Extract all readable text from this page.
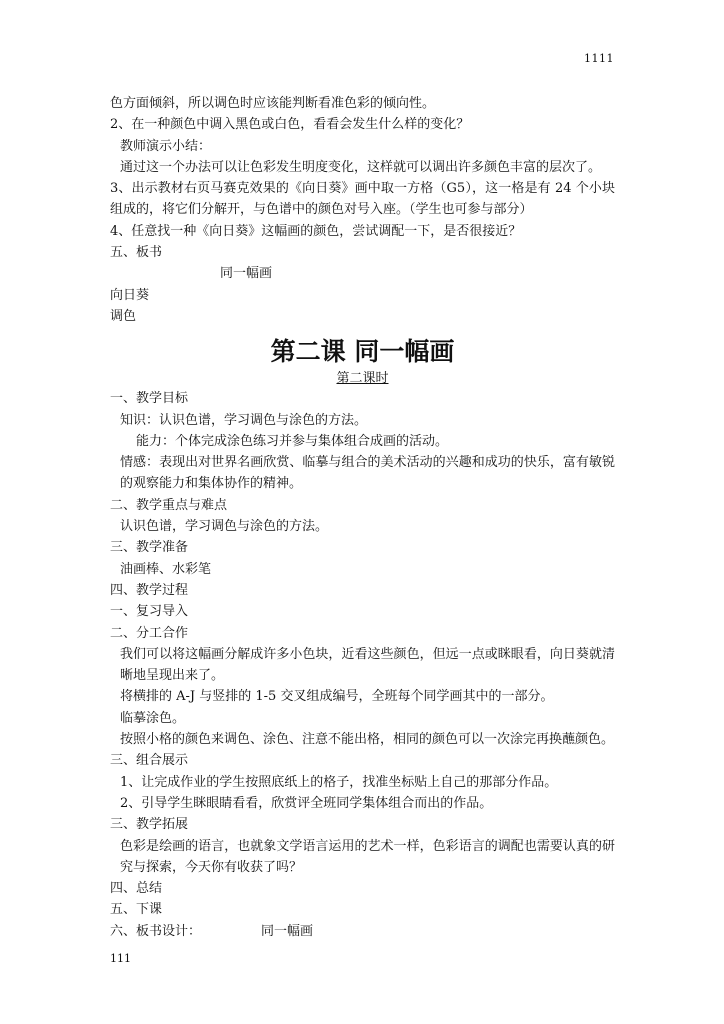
1111
色方面倾斜，所以调色时应该能判断看准色彩的倾向性。
2、在一种颜色中调入黑色或白色，看看会发生什么样的变化？
教师演示小结：
通过这一个办法可以让色彩发生明度变化，这样就可以调出许多颜色丰富的层次了。
3、出示教材右页马赛克效果的《向日葵》画中取一方格（G5），这一格是有 24 个小块组成的，将它们分解开，与色谱中的颜色对号入座。（学生也可参与部分）
4、任意找一种《向日葵》这幅画的颜色，尝试调配一下，是否很接近？
五、板书
同一幅画
向日葵
调色
第二课 同一幅画
第二课时
一、教学目标
知识：认识色谱，学习调色与涂色的方法。
能力：个体完成涂色练习并参与集体组合成画的活动。
情感：表现出对世界名画欣赏、临摹与组合的美术活动的兴趣和成功的快乐，富有敏锐的观察能力和集体协作的精神。
二、教学重点与难点
认识色谱，学习调色与涂色的方法。
三、教学准备
油画棒、水彩笔
四、教学过程
一、复习导入
二、分工合作
我们可以将这幅画分解成许多小色块，近看这些颜色，但远一点或眯眼看，向日葵就清晰地呈现出来了。
将横排的 A-J 与竖排的 1-5 交叉组成编号，全班每个同学画其中的一部分。
临摹涂色。
按照小格的颜色来调色、涂色、注意不能出格，相同的颜色可以一次涂完再换蘸颜色。
三、组合展示
1、让完成作业的学生按照底纸上的格子，找准坐标贴上自己的那部分作品。
2、引导学生眯眼睛看看，欣赏评全班同学集体组合而出的作品。
三、教学拓展
色彩是绘画的语言，也就象文学语言运用的艺术一样，色彩语言的调配也需要认真的研究与探索，今天你有收获了吗？
四、总结
五、下课
六、板书设计：	同一幅画
111
